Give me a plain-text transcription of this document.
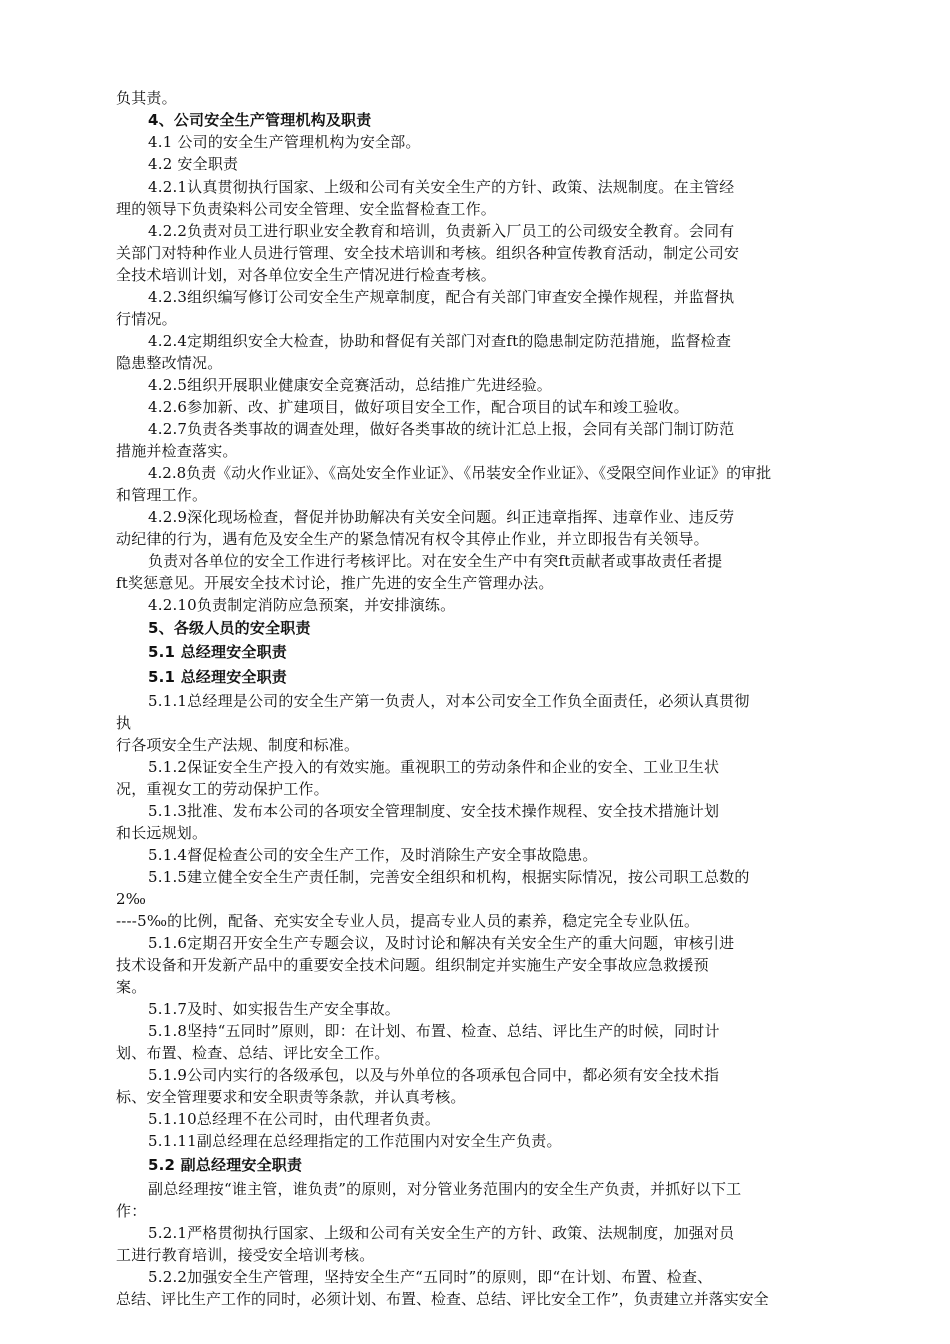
负其责。
4、公司安全生产管理机构及职责
4.1 公司的安全生产管理机构为安全部。
4.2 安全职责
4.2.1认真贯彻执行国家、上级和公司有关安全生产的方针、政策、法规制度。在主管经
理的领导下负责染料公司安全管理、安全监督检查工作。
4.2.2负责对员工进行职业安全教育和培训，负责新入厂员工的公司级安全教育。会同有
关部门对特种作业人员进行管理、安全技术培训和考核。组织各种宣传教育活动，制定公司安
全技术培训计划，对各单位安全生产情况进行检查考核。
4.2.3组织编写修订公司安全生产规章制度，配合有关部门审查安全操作规程，并监督执
行情况。
4.2.4定期组织安全大检查，协助和督促有关部门对查ft的隐患制定防范措施，监督检查
隐患整改情况。
4.2.5组织开展职业健康安全竞赛活动，总结推广先进经验。
4.2.6参加新、改、扩建项目，做好项目安全工作，配合项目的试车和竣工验收。
4.2.7负责各类事故的调查处理，做好各类事故的统计汇总上报，会同有关部门制订防范
措施并检查落实。
4.2.8负责《动火作业证》、《高处安全作业证》、《吊装安全作业证》、《受限空间作业证》的审批
和管理工作。
4.2.9深化现场检查，督促并协助解决有关安全问题。纠正违章指挥、违章作业、违反劳
动纪律的行为，遇有危及安全生产的紧急情况有权令其停止作业，并立即报告有关领导。
负责对各单位的安全工作进行考核评比。对在安全生产中有突ft贡献者或事故责任者提
ft奖惩意见。开展安全技术讨论，推广先进的安全生产管理办法。
4.2.10负责制定消防应急预案，并安排演练。
5、各级人员的安全职责
5.1 总经理安全职责
5.1 总经理安全职责
5.1.1总经理是公司的安全生产第一负责人，对本公司安全工作负全面责任，必须认真贯彻
执
行各项安全生产法规、制度和标准。
5.1.2保证安全生产投入的有效实施。重视职工的劳动条件和企业的安全、工业卫生状
况，重视女工的劳动保护工作。
5.1.3批准、发布本公司的各项安全管理制度、安全技术操作规程、安全技术措施计划
和长远规划。
5.1.4督促检查公司的安全生产工作，及时消除生产安全事故隐患。
5.1.5建立健全安全生产责任制，完善安全组织和机构，根据实际情况，按公司职工总数的
2‰
----5‰的比例，配备、充实安全专业人员，提高专业人员的素养，稳定完全专业队伍。
5.1.6定期召开安全生产专题会议，及时讨论和解决有关安全生产的重大问题，审核引进
技术设备和开发新产品中的重要安全技术问题。组织制定并实施生产安全事故应急救援预
案。
5.1.7及时、如实报告生产安全事故。
5.1.8坚持“五同时”原则，即：在计划、布置、检查、总结、评比生产的时候，同时计
划、布置、检查、总结、评比安全工作。
5.1.9公司内实行的各级承包，以及与外单位的各项承包合同中，都必须有安全技术指
标、安全管理要求和安全职责等条款，并认真考核。
5.1.10总经理不在公司时，由代理者负责。
5.1.11副总经理在总经理指定的工作范围内对安全生产负责。
5.2 副总经理安全职责
副总经理按“谁主管，谁负责”的原则，对分管业务范围内的安全生产负责，并抓好以下工
作：
5.2.1严格贯彻执行国家、上级和公司有关安全生产的方针、政策、法规制度，加强对员
工进行教育培训，接受安全培训考核。
5.2.2加强安全生产管理，坚持安全生产“五同时”的原则，即“在计划、布置、检查、
总结、评比生产工作的同时，必须计划、布置、检查、总结、评比安全工作”，负责建立并落实安全
